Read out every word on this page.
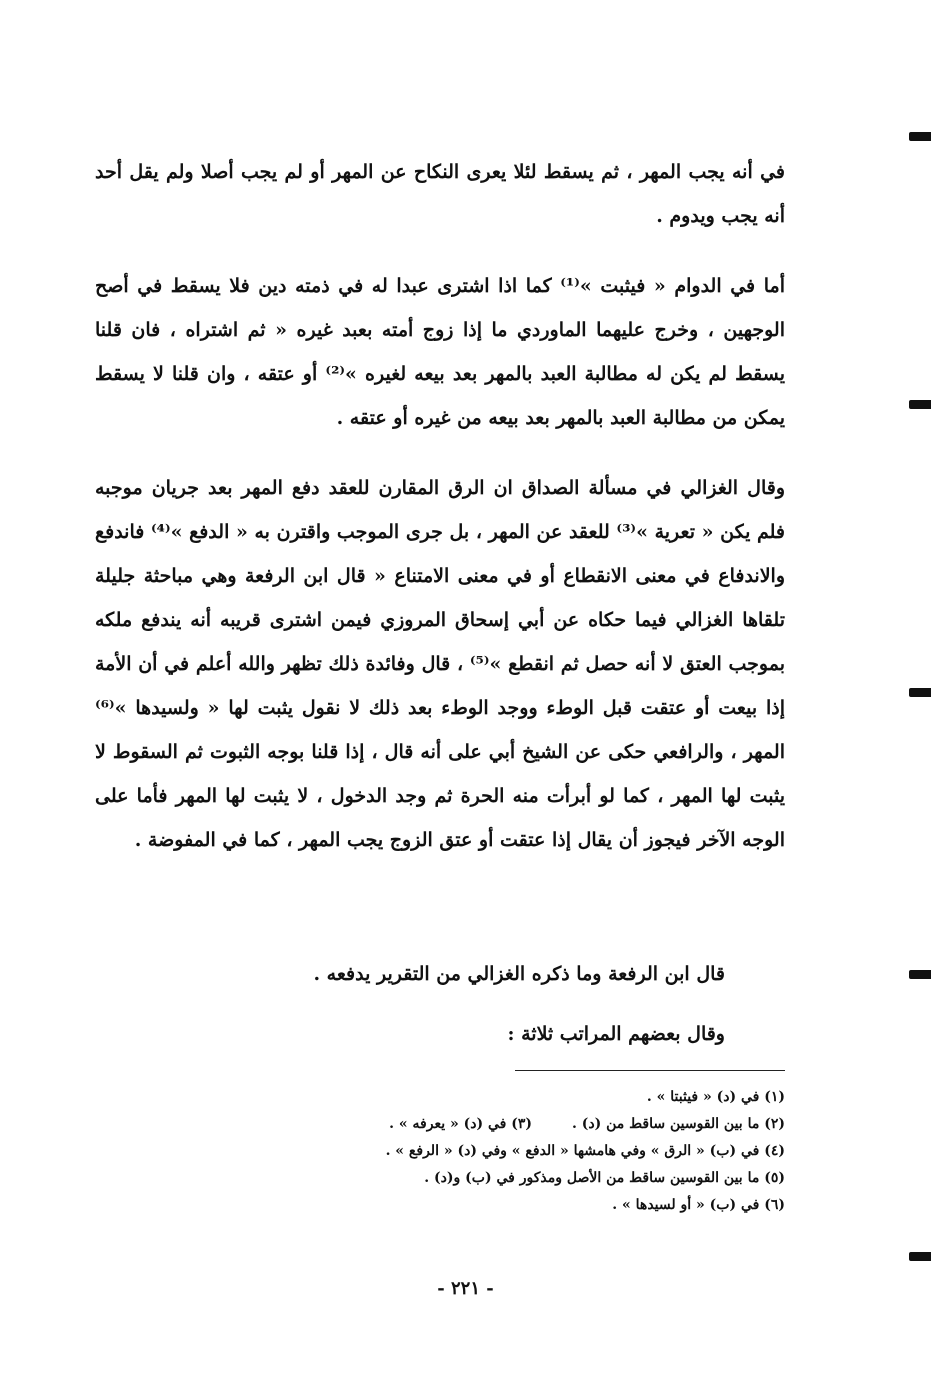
في أنه يجب المهر ، ثم يسقط لئلا يعرى النكاح عن المهر أو لم يجب أصلا ولم يقل أحد أنه يجب ويدوم .

أما في الدوام « فيثبت »⁽¹⁾ كما اذا اشترى عبدا له في ذمته دين فلا يسقط في أصح الوجهين ، وخرج عليهما الماوردي ما إذا زوج أمته بعبد غيره « ثم اشتراه ، فان قلنا يسقط لم يكن له مطالبة العبد بالمهر بعد بيعه لغيره »⁽²⁾ أو عتقه ، وان قلنا لا يسقط يمكن من مطالبة العبد بالمهر بعد بيعه من غيره أو عتقه .

وقال الغزالي في مسألة الصداق ان الرق المقارن للعقد دفع المهر بعد جريان موجبه فلم يكن « تعرية »⁽³⁾ للعقد عن المهر ، بل جرى الموجب واقترن به « الدفع »⁽⁴⁾ فاندفع والاندفاع في معنى الانقطاع أو في معنى الامتناع « قال ابن الرفعة وهي مباحثة جليلة تلقاها الغزالي فيما حكاه عن أبي إسحاق المروزي فيمن اشترى قريبه أنه يندفع ملكه بموجب العتق لا أنه حصل ثم انقطع »⁽⁵⁾ ، قال وفائدة ذلك تظهر والله أعلم في أن الأمة إذا بيعت أو عتقت قبل الوطء ووجد الوطء بعد ذلك لا نقول يثبت لها « ولسيدها »⁽⁶⁾ المهر ، والرافعي حكى عن الشيخ أبي على أنه قال ، إذا قلنا بوجه الثبوت ثم السقوط لا يثبت لها المهر ، كما لو أبرأت منه الحرة ثم وجد الدخول ، لا يثبت لها المهر فأما على الوجه الآخر فيجوز أن يقال إذا عتقت أو عتق الزوج يجب المهر ، كما في المفوضة .

قال ابن الرفعة وما ذكره الغزالي من التقرير يدفعه .

وقال بعضهم المراتب ثلاثة :

(١) في (د) « فيثبتا » .
(٢) ما بين القوسين ساقط من (د) .
(٣) في (د) « يعرفه » .
(٤) في (ب) « الرق » وفي هامشها « الدفع » وفي (د) « الرفع » .
(٥) ما بين القوسين ساقط من الأصل ومذكور في (ب) و(د) .
(٦) في (ب) « أو لسيدها » .
- ٢٢١ -
